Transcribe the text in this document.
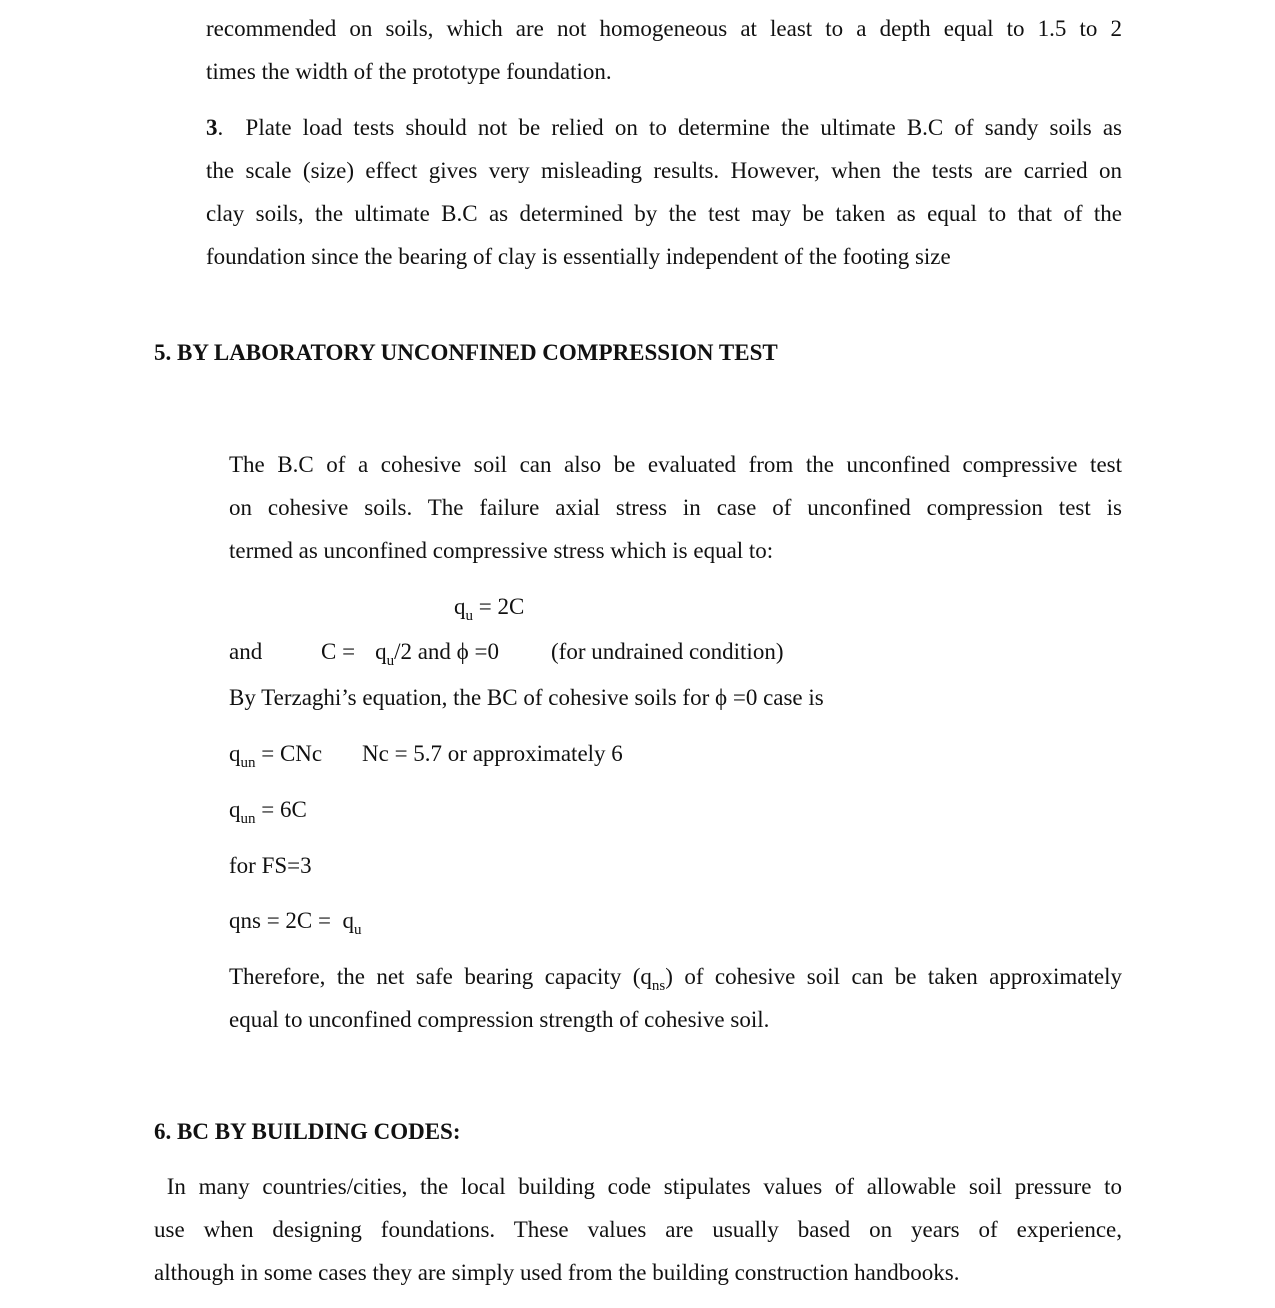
recommended on soils, which are not homogeneous at least to a depth equal to 1.5 to 2
times the width of the prototype foundation.
3.  Plate load tests should not be relied on to determine the ultimate B.C of sandy soils as
the scale (size) effect gives very misleading results. However, when the tests are carried on
clay soils, the ultimate B.C as determined by the test may be taken as equal to that of the
foundation since the bearing of clay is essentially independent of the footing size
5. BY LABORATORY UNCONFINED COMPRESSION TEST
The B.C of a cohesive soil can also be evaluated from the unconfined compressive test
on cohesive soils. The failure axial stress in case of unconfined compression test is
termed as unconfined compressive stress which is equal to:
$q_u = 2C$
and	$C = q_u/2$ and ϕ =0 (for undrained condition)
By Terzaghi’s equation, the BC of cohesive soils for ϕ =0 case is
$q_{un}$ = CNc Nc = 5.7 or approximately 6
$q_{un} = 6C$
for FS=3
qns = $2C = q_u$
Therefore, the net safe bearing capacity $(q_{ns})$ of cohesive soil can be taken approximately
equal to unconfined compression strength of cohesive soil.
6. BC BY BUILDING CODES:
In many countries/cities, the local building code stipulates values of allowable soil pressure to
use when designing foundations. These values are usually based on years of experience,
although in some cases they are simply used from the building construction handbooks.
